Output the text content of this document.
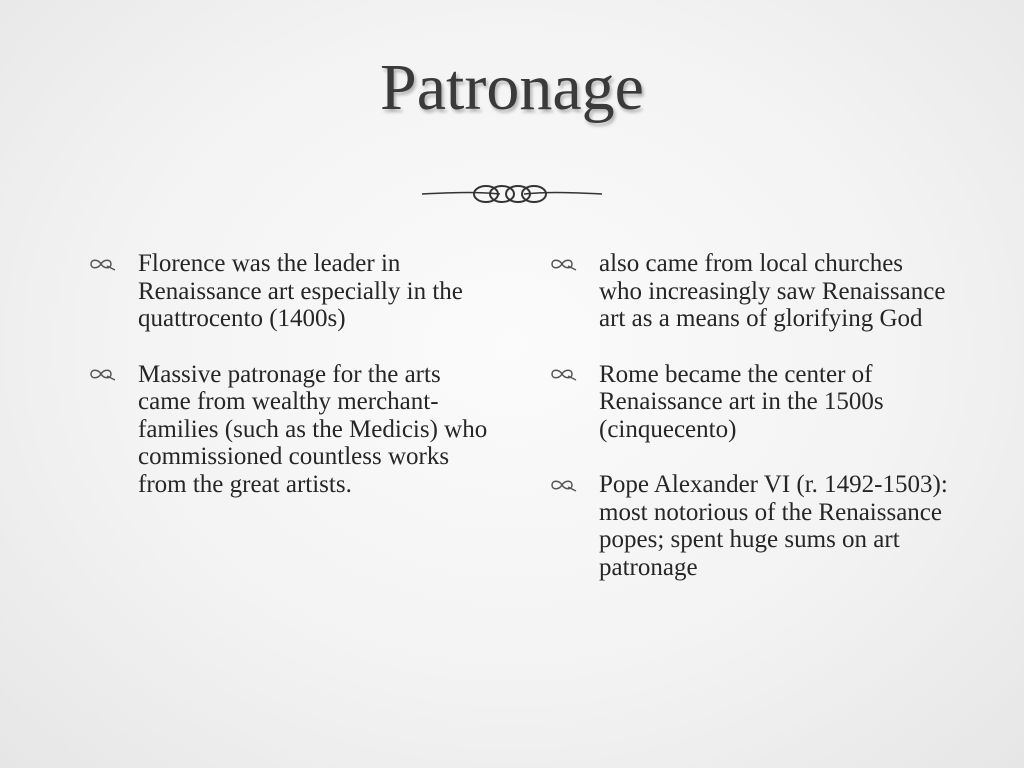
Patronage
Florence was the leader in Renaissance art especially in the quattrocento (1400s)
Massive patronage for the arts came from wealthy merchant-families (such as the Medicis) who commissioned countless works from the great artists.
also came from local churches who increasingly saw Renaissance art as a means of glorifying God
Rome became the center of Renaissance art in the 1500s (cinquecento)
Pope Alexander VI (r. 1492-1503): most notorious of the Renaissance popes; spent huge sums on art patronage
